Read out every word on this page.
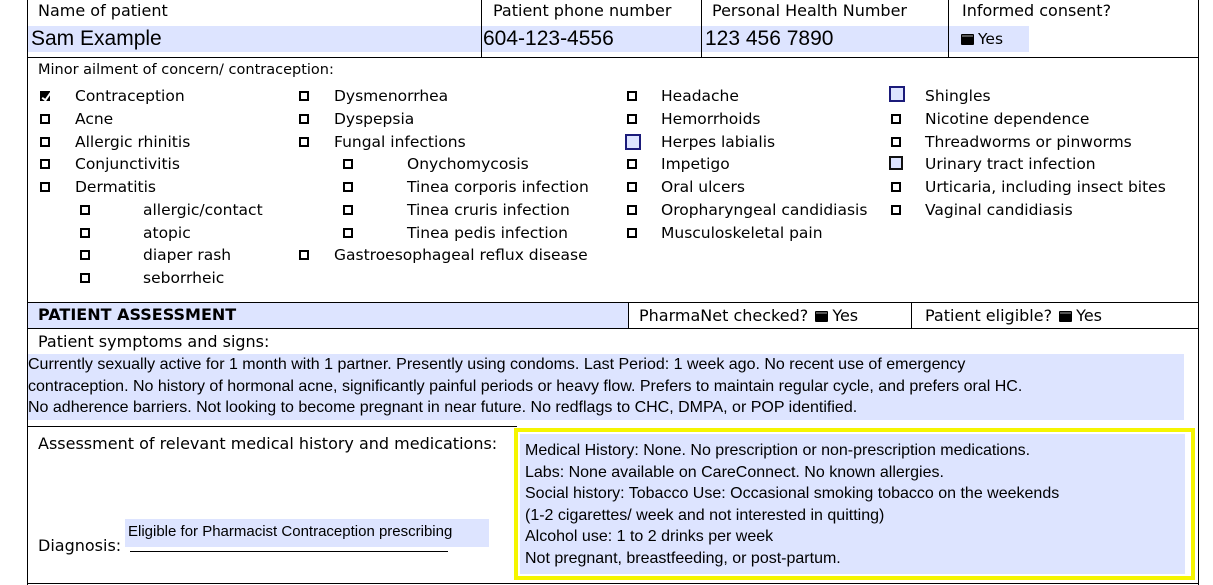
Name of patient
Sam Example
Patient phone number
604-123-4556
Personal Health Number
123 456 7890
Informed consent?
Yes
Minor ailment of concern/ contraception:
Contraception
Acne
Allergic rhinitis
Conjunctivitis
Dermatitis
allergic/contact
atopic
diaper rash
seborrheic
Dysmenorrhea
Dyspepsia
Fungal infections
Onychomycosis
Tinea corporis infection
Tinea cruris infection
Tinea pedis infection
Gastroesophageal reflux disease
Headache
Hemorrhoids
Herpes labialis
Impetigo
Oral ulcers
Oropharyngeal candidiasis
Musculoskeletal pain
Shingles
Nicotine dependence
Threadworms or pinworms
Urinary tract infection
Urticaria, including insect bites
Vaginal candidiasis
PATIENT ASSESSMENT	PharmaNet checked? Yes	Patient eligible? Yes
Patient symptoms and signs:
Currently sexually active for 1 month with 1 partner. Presently using condoms. Last Period: 1 week ago. No recent use of emergency
contraception. No history of hormonal acne, significantly painful periods or heavy flow. Prefers to maintain regular cycle, and prefers oral HC.
No adherence barriers. Not looking to become pregnant in near future. No redflags to CHC, DMPA, or POP identified.
Assessment of relevant medical history and medications: Medical History: None. No prescription or non-prescription medications.
Labs: None available on CareConnect. No known allergies.
Social history: Tobacco Use: Occasional smoking tobacco on the weekends
(1-2 cigarettes/ week and not interested in quitting)
Alcohol use: 1 to 2 drinks per week
Not pregnant, breastfeeding, or post-partum.
Diagnosis:
Eligible for Pharmacist Contraception prescribing
